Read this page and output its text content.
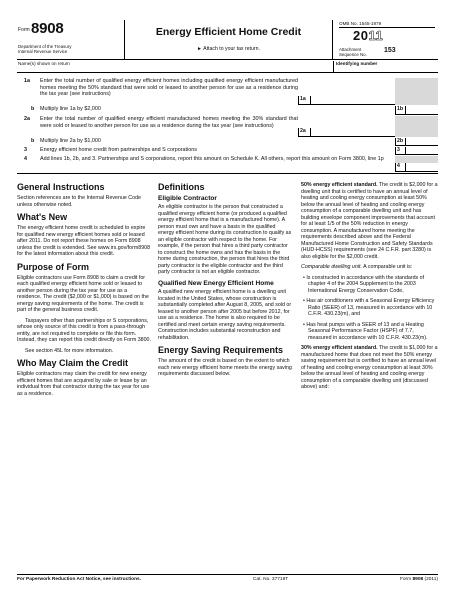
Form 8908
Department of the Treasury
Internal Revenue Service
Energy Efficient Home Credit
► Attach to your tax return.
OMB No. 1545-1979
2011
Attachment
Sequence No.
153
Name(s) shown on return	Identifying number
1a Enter the total number of qualified energy efficient homes including qualified energy efficient manufactured homes meeting the 50% standard that were sold or leased to another person for use as a residence during the tax year (see instructions)
1a
b Multiply line 1a by $2,000	1b
2a Enter the total number of qualified energy efficient manufactured homes meeting the 30% standard that were sold or leased to another person for use as a residence during the tax year (see instructions)
2a
b Multiply line 2a by $1,000	2b
3 Energy efficient home credit from partnerships and S corporations	3
4 Add lines 1b, 2b, and 3. Partnerships and S corporations, report this amount on Schedule K. All others, report this amount on Form 3800, line 1p
4
General Instructions

Section references are to the Internal Revenue Code unless otherwise noted.

What's New

The energy efficient home credit is scheduled to expire for qualified new energy efficient homes sold or leased after 2011. Do not report these homes on Form 8908 unless the credit is extended. See www.irs.gov/form8908 for the latest information about this credit.

Purpose of Form

Eligible contractors use Form 8908 to claim a credit for each qualified energy efficient home sold or leased to another person during the tax year for use as a residence. The credit ($2,000 or $1,000) is based on the energy saving requirements of the home. The credit is part of the general business credit.

Taxpayers other than partnerships or S corporations, whose only source of this credit is from a pass-through entity, are not required to complete or file this form. Instead, they can report this credit directly on Form 3800.

See section 45L for more information.

Who May Claim the Credit

Eligible contractors may claim the credit for new energy efficient homes that are acquired by sale or lease by an individual from that contractor during the tax year for use as a residence.

Definitions
Eligible Contractor

An eligible contractor is the person that constructed a qualified energy efficient home (or produced a qualified energy efficient home that is a manufactured home). A person must own and have a basis in the qualified energy efficient home during its construction to qualify as an eligible contractor with respect to the home. For example, if the person that hires a third party contractor to construct the home owns and has the basis in the home during construction, the person that hires the third party contractor is the eligible contractor and the third party contractor is not an eligible contractor.

Qualified New Energy Efficient Home

A qualified new energy efficient home is a dwelling unit located in the United States, whose construction is substantially completed after August 8, 2005, and sold or leased to another person after 2005 but before 2012, for use as a residence. The home is also required to be certified and meet certain energy saving requirements. Construction includes substantial reconstruction and rehabilitation.

Energy Saving Requirements

The amount of the credit is based on the extent to which each new energy efficient home meets the energy saving requirements discussed below.

50% energy efficient standard. The credit is $2,000 for a dwelling unit that is certified to have an annual level of heating and cooling energy consumption at least 50% below the annual level of heating and cooling energy consumption of a comparable dwelling unit and has building envelope component improvements that account for at least 1/5 of the 50% reduction in energy consumption. A manufactured home meeting the requirements described above and the Federal Manufactured Home Construction and Safety Standards (HUD-HCSS) requirements (see 24 C.F.R. part 3280) is also eligible for the $2,000 credit.

Comparable dwelling unit. A comparable unit is:

• Is constructed in accordance with the standards of chapter 4 of the 2004 Supplement to the 2003 International Energy Conservation Code,

• Has air conditioners with a Seasonal Energy Efficiency Ratio (SEER) of 13, measured in accordance with 10 C.F.R. 430.23(m), and

• Has heat pumps with a SEER of 13 and a Heating Seasonal Performance Factor (HSPF) of 7.7, measured in accordance with 10 C.F.R. 430.23(m).

30% energy efficient standard. The credit is $1,000 for a manufactured home that does not meet the 50% energy saving requirement but is certified to have an annual level of heating and cooling energy consumption at least 30% below the annual level of heating and cooling energy consumption of a comparable dwelling unit (discussed above) and:

For Paperwork Reduction Act Notice, see instructions.	Cat. No. 37718T	Form 8908 (2011)
